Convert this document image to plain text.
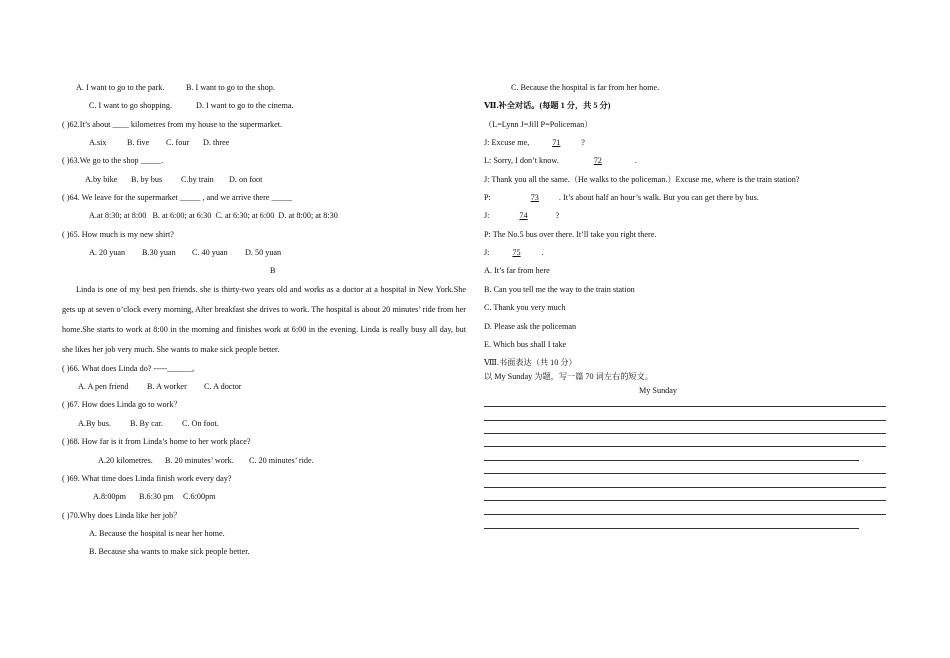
A. I want to go to the park.	B. I want to go to the shop.
C. I want to go shopping.	D. I want to go to the cinema.
( )62.It’s about ____ kilometres from my house to the supermarket.
A.six B. five C. four D. three
( )63.We go to the shop _____.
A.by bike B. by bus C.by train D. on foot
( )64. We leave for the supermarket _____ , and we arrive there _____
A.at 8:30; at 8:00   B. at 6:00; at 6:30  C. at 6:30; at 6:00  D. at 8:00; at 8:30
( )65. How much is my new shirt?
A. 20 yuan B.30 yuan C. 40 yuan D. 50 yuan
B
Linda is one of my best pen friends. she is thirty-two years old and works as a doctor at a hospital in New York.She gets up at seven o’clock every morning, After breakfast she drives to work. The hospital is about 20 minutes’ ride from her home.She starts to work at 8:00 in the morning and finishes work at 6:00 in the evening. Linda is really busy all day, but she likes her job very much. She wants to make sick people better.
( )66. What does Linda do? -----______。
A. A pen friend B. A worker C. A doctor
( )67. How does Linda go to work？
A.By bus. B. By car. C. On foot.
( )68. How far is it from Linda’s home to her work place?
A.20 kilometres. B. 20 minutes’ work. C. 20 minutes’ ride.
( )69. What time does Linda finish work every day?
A.8:00pm B.6:30 pm C.6:00pm
( )70.Why does Linda like her job？
A. Because the hospital is near her home.
B. Because sha wants to make sick people better.
C. Because the hospital is far from her home.
Ⅶ.补全对话。(每题 1 分，共 5 分)
（L=Lynn J=Jill P=Policeman）
J: Excuse me,	71	?
L: Sorry, I don’t know.	72	.
J: Thank you all the same.（He walks to the policeman.）Excuse me, where is the train station?
P:	73 . It’s about half an hour’s walk. But you can get there by bus.
J:	74	?
P: The No.5 bus over there. It’ll take you right there.
J:	75	.
A. It’s far from here
B. Can you tell me the way to the train station
C. Thank you very much
D. Please ask the policeman
E. Which bus shall I take
Ⅷ.书面表达（共 10 分）
以 My Sunday 为题，写一篇 70 词左右的短文。
My Sunday
